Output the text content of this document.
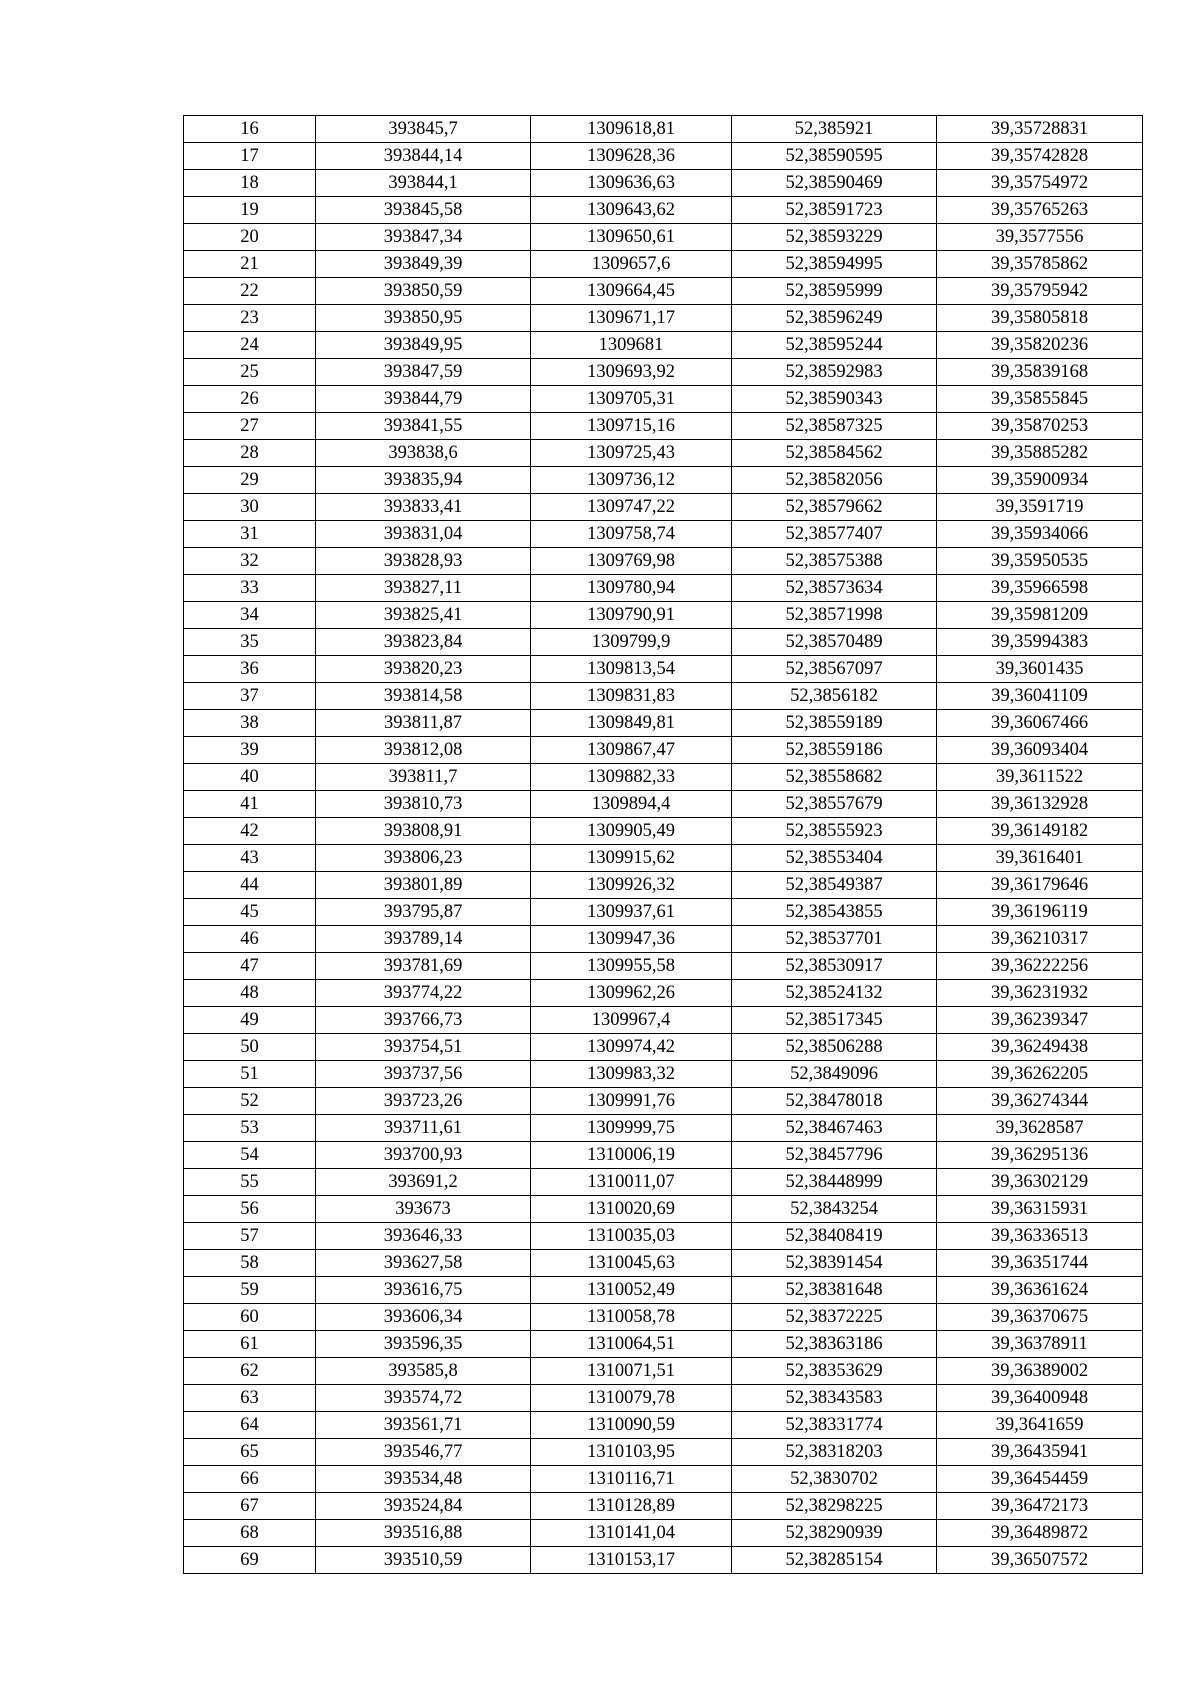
16	393845,7	1309618,81	52,385921	39,35728831
17	393844,14	1309628,36	52,38590595	39,35742828
18	393844,1	1309636,63	52,38590469	39,35754972
19	393845,58	1309643,62	52,38591723	39,35765263
20	393847,34	1309650,61	52,38593229	39,3577556
21	393849,39	1309657,6	52,38594995	39,35785862
22	393850,59	1309664,45	52,38595999	39,35795942
23	393850,95	1309671,17	52,38596249	39,35805818
24	393849,95	1309681	52,38595244	39,35820236
25	393847,59	1309693,92	52,38592983	39,35839168
26	393844,79	1309705,31	52,38590343	39,35855845
27	393841,55	1309715,16	52,38587325	39,35870253
28	393838,6	1309725,43	52,38584562	39,35885282
29	393835,94	1309736,12	52,38582056	39,35900934
30	393833,41	1309747,22	52,38579662	39,3591719
31	393831,04	1309758,74	52,38577407	39,35934066
32	393828,93	1309769,98	52,38575388	39,35950535
33	393827,11	1309780,94	52,38573634	39,35966598
34	393825,41	1309790,91	52,38571998	39,35981209
35	393823,84	1309799,9	52,38570489	39,35994383
36	393820,23	1309813,54	52,38567097	39,3601435
37	393814,58	1309831,83	52,3856182	39,36041109
38	393811,87	1309849,81	52,38559189	39,36067466
39	393812,08	1309867,47	52,38559186	39,36093404
40	393811,7	1309882,33	52,38558682	39,3611522
41	393810,73	1309894,4	52,38557679	39,36132928
42	393808,91	1309905,49	52,38555923	39,36149182
43	393806,23	1309915,62	52,38553404	39,3616401
44	393801,89	1309926,32	52,38549387	39,36179646
45	393795,87	1309937,61	52,38543855	39,36196119
46	393789,14	1309947,36	52,38537701	39,36210317
47	393781,69	1309955,58	52,38530917	39,36222256
48	393774,22	1309962,26	52,38524132	39,36231932
49	393766,73	1309967,4	52,38517345	39,36239347
50	393754,51	1309974,42	52,38506288	39,36249438
51	393737,56	1309983,32	52,3849096	39,36262205
52	393723,26	1309991,76	52,38478018	39,36274344
53	393711,61	1309999,75	52,38467463	39,3628587
54	393700,93	1310006,19	52,38457796	39,36295136
55	393691,2	1310011,07	52,38448999	39,36302129
56	393673	1310020,69	52,3843254	39,36315931
57	393646,33	1310035,03	52,38408419	39,36336513
58	393627,58	1310045,63	52,38391454	39,36351744
59	393616,75	1310052,49	52,38381648	39,36361624
60	393606,34	1310058,78	52,38372225	39,36370675
61	393596,35	1310064,51	52,38363186	39,36378911
62	393585,8	1310071,51	52,38353629	39,36389002
63	393574,72	1310079,78	52,38343583	39,36400948
64	393561,71	1310090,59	52,38331774	39,3641659
65	393546,77	1310103,95	52,38318203	39,36435941
66	393534,48	1310116,71	52,3830702	39,36454459
67	393524,84	1310128,89	52,38298225	39,36472173
68	393516,88	1310141,04	52,38290939	39,36489872
69	393510,59	1310153,17	52,38285154	39,36507572
